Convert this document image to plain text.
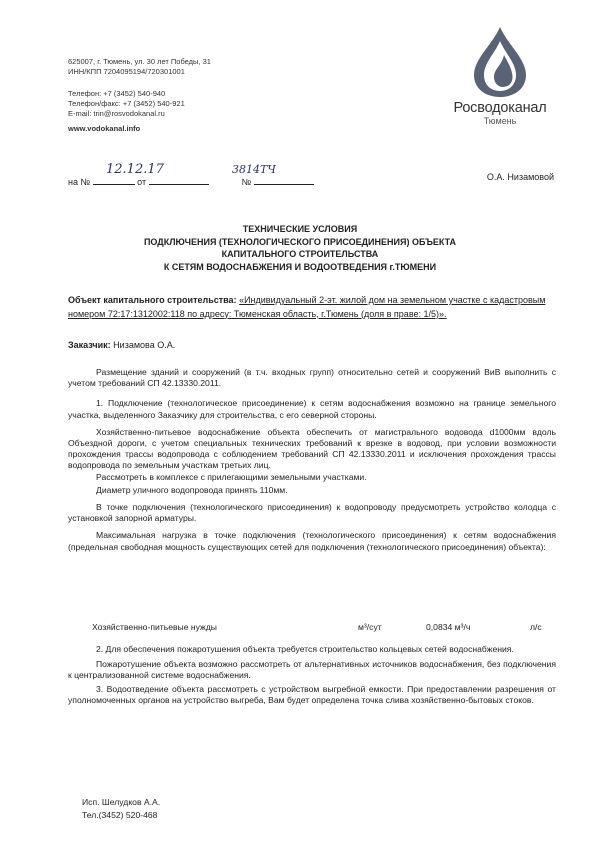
625007, г. Тюмень, ул. 30 лет Победы, 31
ИНН/КПП 7204095194/720301001
Телефон: +7 (3452) 540-940
Телефон/факс: +7 (3452) 540-921
E-mail: trin@rosvodokanal.ru
www.vodokanal.info
Росводоканал
Тюмень
на №	от	№
12.12.17	3814ТЧ
О.А. Низамовой
ТЕХНИЧЕСКИЕ УСЛОВИЯ
ПОДКЛЮЧЕНИЯ (ТЕХНОЛОГИЧЕСКОГО ПРИСОЕДИНЕНИЯ) ОБЪЕКТА
КАПИТАЛЬНОГО СТРОИТЕЛЬСТВА
К СЕТЯМ ВОДОСНАБЖЕНИЯ И ВОДООТВЕДЕНИЯ г.ТЮМЕНИ
Объект капитального строительства: «Индивидуальный 2-эт. жилой дом на земельном участке с кадастровым номером 72:17:1312002:118 по адресу: Тюменская область, г.Тюмень (доля в праве: 1/5)».
Заказчик: Низамова О.А.

Размещение зданий и сооружений (в т.ч. входных групп) относительно сетей и сооружений ВиВ выполнить с учетом требований СП 42.13330.2011.

1. Подключение (технологическое присоединение) к сетям водоснабжения возможно на границе земельного участка, выделенного Заказчику для строительства, с его северной стороны.

Хозяйственно-питьевое водоснабжение объекта обеспечить от магистрального водовода d1000мм вдоль Объездной дороги, с учетом специальных технических требований к врезке в водовод, при условии возможности прохождения трассы водопровода с соблюдением требований СП 42.13330.2011 и исключения прохождения трассы водопровода по земельным участкам третьих лиц.

Рассмотреть в комплексе с прилегающими земельными участками.

Диаметр уличного водопровода принять 110мм.

В точке подключения (технологического присоединения) к водопроводу предусмотреть устройство колодца с установкой запорной арматуры.

Максимальная нагрузка в точке подключения (технологического присоединения) к сетям водоснабжения (предельная свободная мощность существующих сетей для подключения (технологического присоединения) объекта):

Хозяйственно-питьевые нужды	м³/сут	0,0834 м³/ч	л/с

2. Для обеспечения пожаротушения объекта требуется строительство кольцевых сетей водоснабжения.

Пожаротушение объекта возможно рассмотреть от альтернативных источников водоснабжения, без подключения к централизованной системе водоснабжения.

3. Водоотведение объекта рассмотреть с устройством выгребной емкости. При предоставлении разрешения от уполномоченных органов на устройство выгреба, Вам будет определена точка слива хозяйственно-бытовых стоков.

Исп. Шелудков А.А.
Тел.(3452) 520-468
